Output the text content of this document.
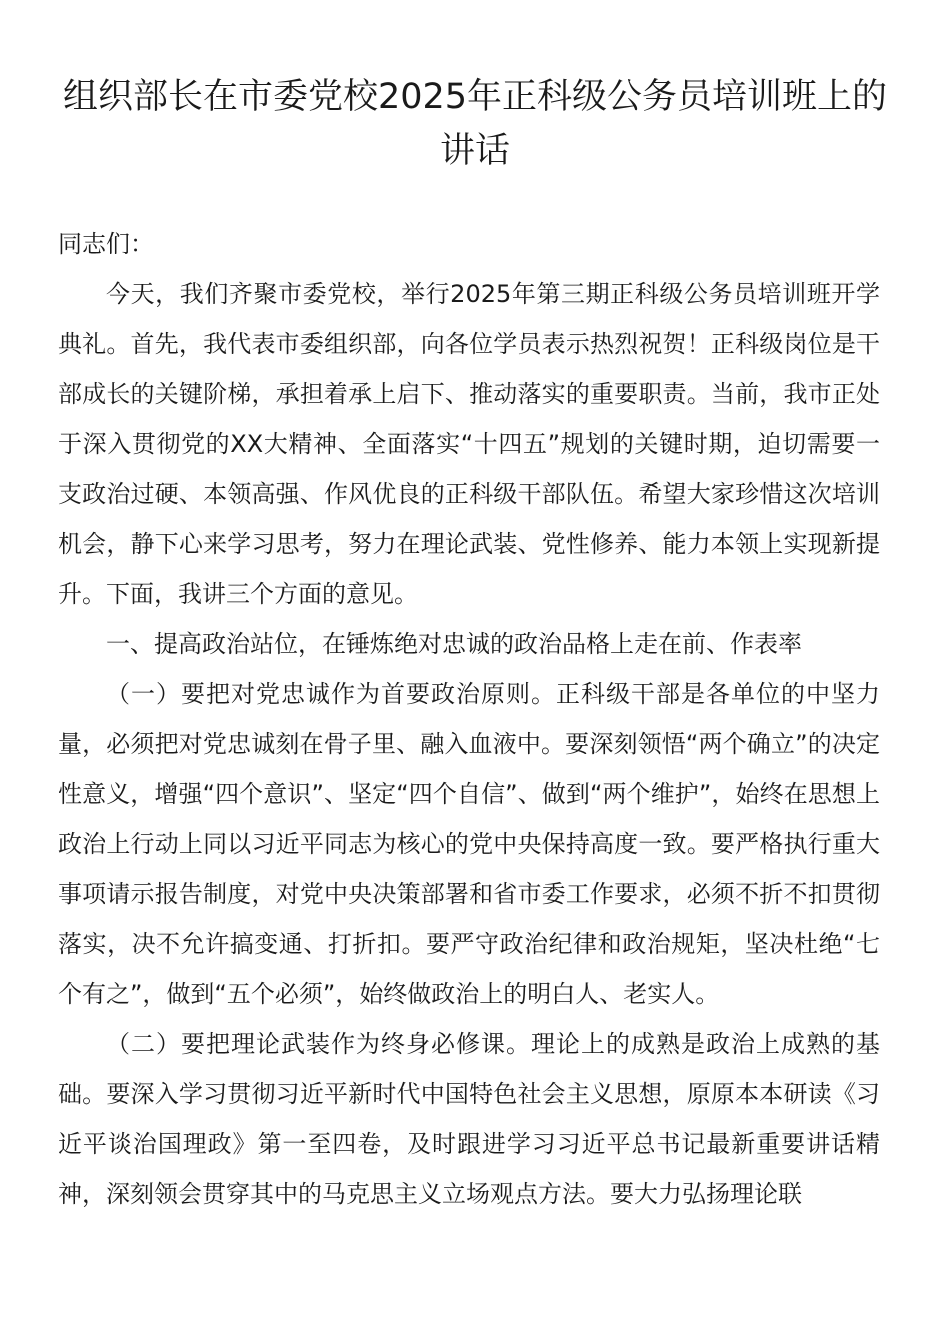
组织部长在市委党校2025年正科级公务员培训班上的讲话

同志们：

今天，我们齐聚市委党校，举行2025年第三期正科级公务员培训班开学典礼。首先，我代表市委组织部，向各位学员表示热烈祝贺！正科级岗位是干部成长的关键阶梯，承担着承上启下、推动落实的重要职责。当前，我市正处于深入贯彻党的XX大精神、全面落实“十四五”规划的关键时期，迫切需要一支政治过硬、本领高强、作风优良的正科级干部队伍。希望大家珍惜这次培训机会，静下心来学习思考，努力在理论武装、党性修养、能力本领上实现新提升。下面，我讲三个方面的意见。

一、提高政治站位，在锤炼绝对忠诚的政治品格上走在前、作表率

（一）要把对党忠诚作为首要政治原则。正科级干部是各单位的中坚力量，必须把对党忠诚刻在骨子里、融入血液中。要深刻领悟“两个确立”的决定性意义，增强“四个意识”、坚定“四个自信”、做到“两个维护”，始终在思想上政治上行动上同以习近平同志为核心的党中央保持高度一致。要严格执行重大事项请示报告制度，对党中央决策部署和省市委工作要求，必须不折不扣贯彻落实，决不允许搞变通、打折扣。要严守政治纪律和政治规矩，坚决杜绝“七个有之”，做到“五个必须”，始终做政治上的明白人、老实人。

（二）要把理论武装作为终身必修课。理论上的成熟是政治上成熟的基础。要深入学习贯彻习近平新时代中国特色社会主义思想，原原本本研读《习近平谈治国理政》第一至四卷，及时跟进学习习近平总书记最新重要讲话精神，深刻领会贯穿其中的马克思主义立场观点方法。要大力弘扬理论联
